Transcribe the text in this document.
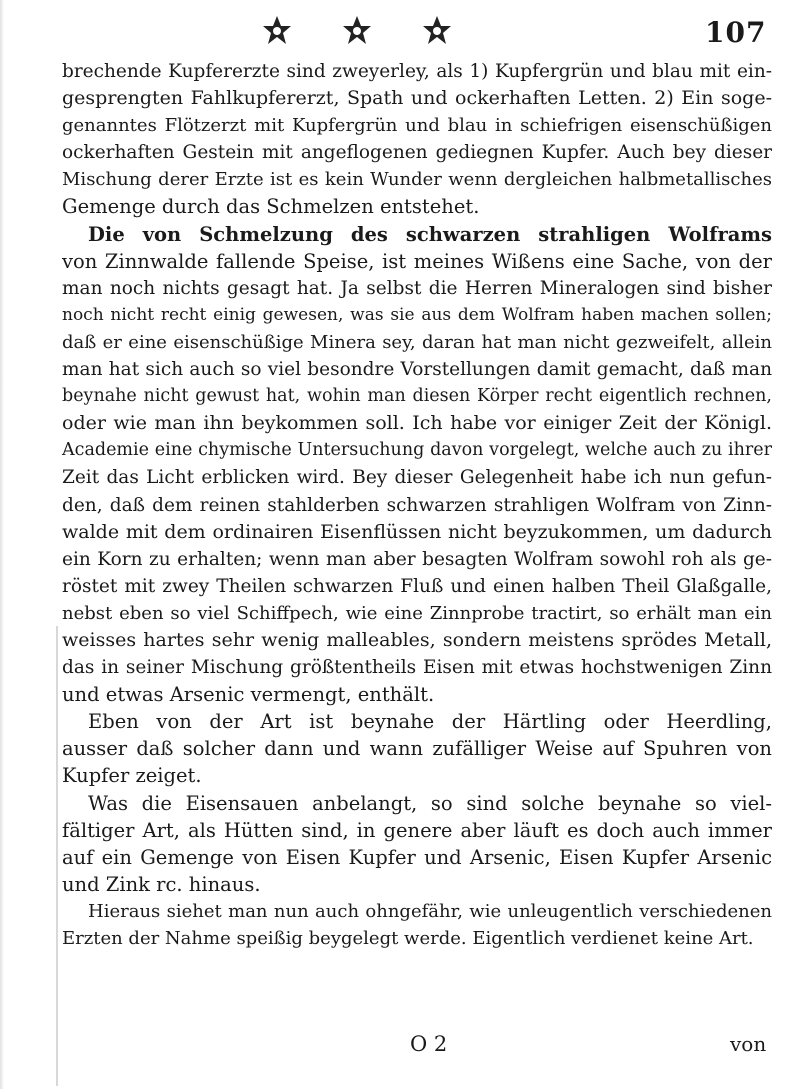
107
brechende Kupfererzte sind zweyerley, als 1) Kupfergrün und blau mit ein-
gesprengten Fahlkupfererzt, Spath und ockerhaften Letten. 2) Ein soge-
genanntes Flötzerzt mit Kupfergrün und blau in schiefrigen eisenschüßigen
ockerhaften Gestein mit angeflogenen gediegnen Kupfer. Auch bey dieser
Mischung derer Erzte ist es kein Wunder wenn dergleichen halbmetallisches
Gemenge durch das Schmelzen entstehet.
Die von Schmelzung des schwarzen strahligen Wolframs
von Zinnwalde fallende Speise, ist meines Wißens eine Sache, von der
man noch nichts gesagt hat. Ja selbst die Herren Mineralogen sind bisher
noch nicht recht einig gewesen, was sie aus dem Wolfram haben machen sollen;
daß er eine eisenschüßige Minera sey, daran hat man nicht gezweifelt, allein
man hat sich auch so viel besondre Vorstellungen damit gemacht, daß man
beynahe nicht gewust hat, wohin man diesen Körper recht eigentlich rechnen,
oder wie man ihn beykommen soll. Ich habe vor einiger Zeit der Königl.
Academie eine chymische Untersuchung davon vorgelegt, welche auch zu ihrer
Zeit das Licht erblicken wird. Bey dieser Gelegenheit habe ich nun gefun-
den, daß dem reinen stahlderben schwarzen strahligen Wolfram von Zinn-
walde mit dem ordinairen Eisenflüssen nicht beyzukommen, um dadurch
ein Korn zu erhalten; wenn man aber besagten Wolfram sowohl roh als ge-
röstet mit zwey Theilen schwarzen Fluß und einen halben Theil Glaßgalle,
nebst eben so viel Schiffpech, wie eine Zinnprobe tractirt, so erhält man ein
weisses hartes sehr wenig malleables, sondern meistens sprödes Metall,
das in seiner Mischung größtentheils Eisen mit etwas hochstwenigen Zinn
und etwas Arsenic vermengt, enthält.
Eben von der Art ist beynahe der Härtling oder Heerdling,
ausser daß solcher dann und wann zufälliger Weise auf Spuhren von
Kupfer zeiget.
Was die Eisensauen anbelangt, so sind solche beynahe so viel-
fältiger Art, als Hütten sind, in genere aber läuft es doch auch immer
auf ein Gemenge von Eisen Kupfer und Arsenic, Eisen Kupfer Arsenic
und Zink rc. hinaus.
Hieraus siehet man nun auch ohngefähr, wie unleugentlich verschiedenen
Erzten der Nahme speißig beygelegt werde. Eigentlich verdienet keine Art.
O 2	von
